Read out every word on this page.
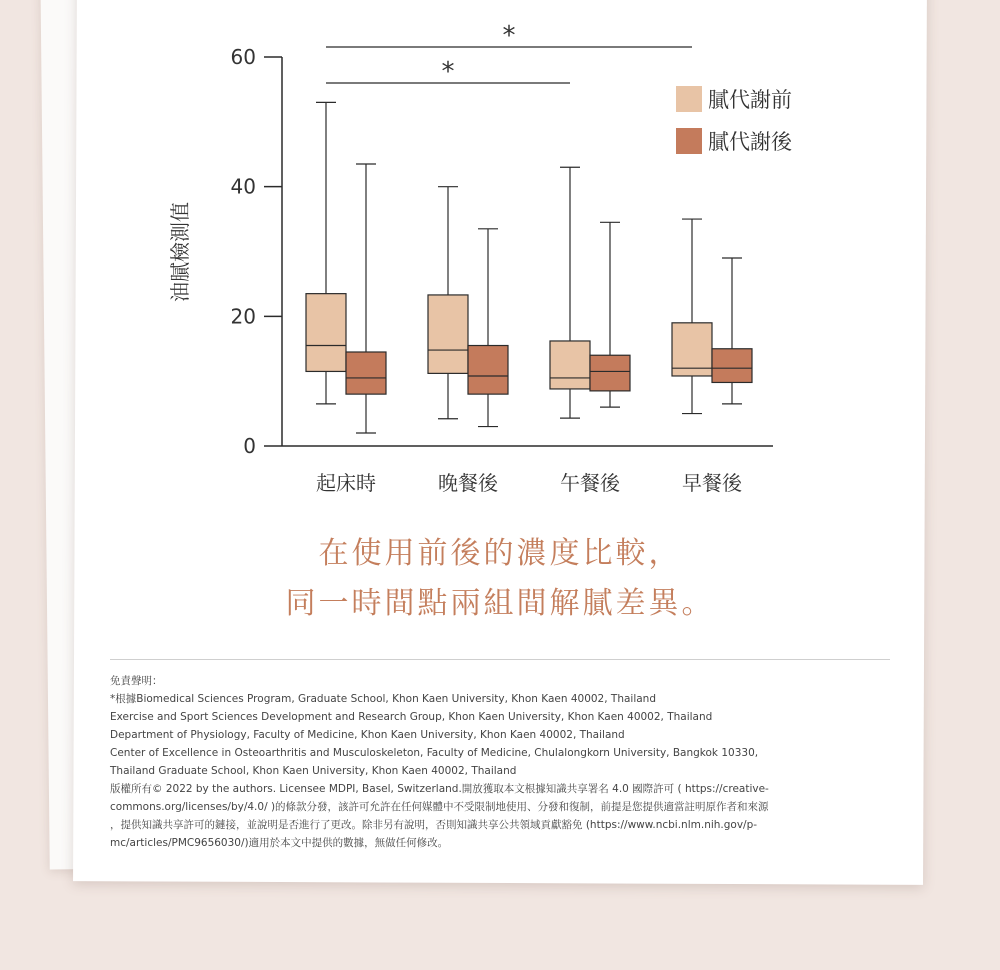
0
20
40
60
油膩檢測值
起床時	晚餐後	午餐後	早餐後
*
*
膩代謝前
膩代謝後
在使用前後的濃度比較，
同一時間點兩組間解膩差異。
免責聲明：
*根據Biomedical Sciences Program, Graduate School, Khon Kaen University, Khon Kaen 40002, Thailand
Exercise and Sport Sciences Development and Research Group, Khon Kaen University, Khon Kaen 40002, Thailand
Department of Physiology, Faculty of Medicine, Khon Kaen University, Khon Kaen 40002, Thailand
Center of Excellence in Osteoarthritis and Musculoskeleton, Faculty of Medicine, Chulalongkorn University, Bangkok 10330,
Thailand Graduate School, Khon Kaen University, Khon Kaen 40002, Thailand
版權所有© 2022 by the authors. Licensee MDPI, Basel, Switzerland.開放獲取本文根據知識共享署名 4.0 國際許可 ( https://creative-
commons.org/licenses/by/4.0/ )的條款分發，該許可允許在任何媒體中不受限制地使用、分發和復制，前提是您提供適當註明原作者和來源
，提供知識共享許可的鏈接，並說明是否進行了更改。除非另有說明，否則知識共享公共領域貢獻豁免 (https://www.ncbi.nlm.nih.gov/p-
mc/articles/PMC9656030/)適用於本文中提供的數據，無做任何修改。
